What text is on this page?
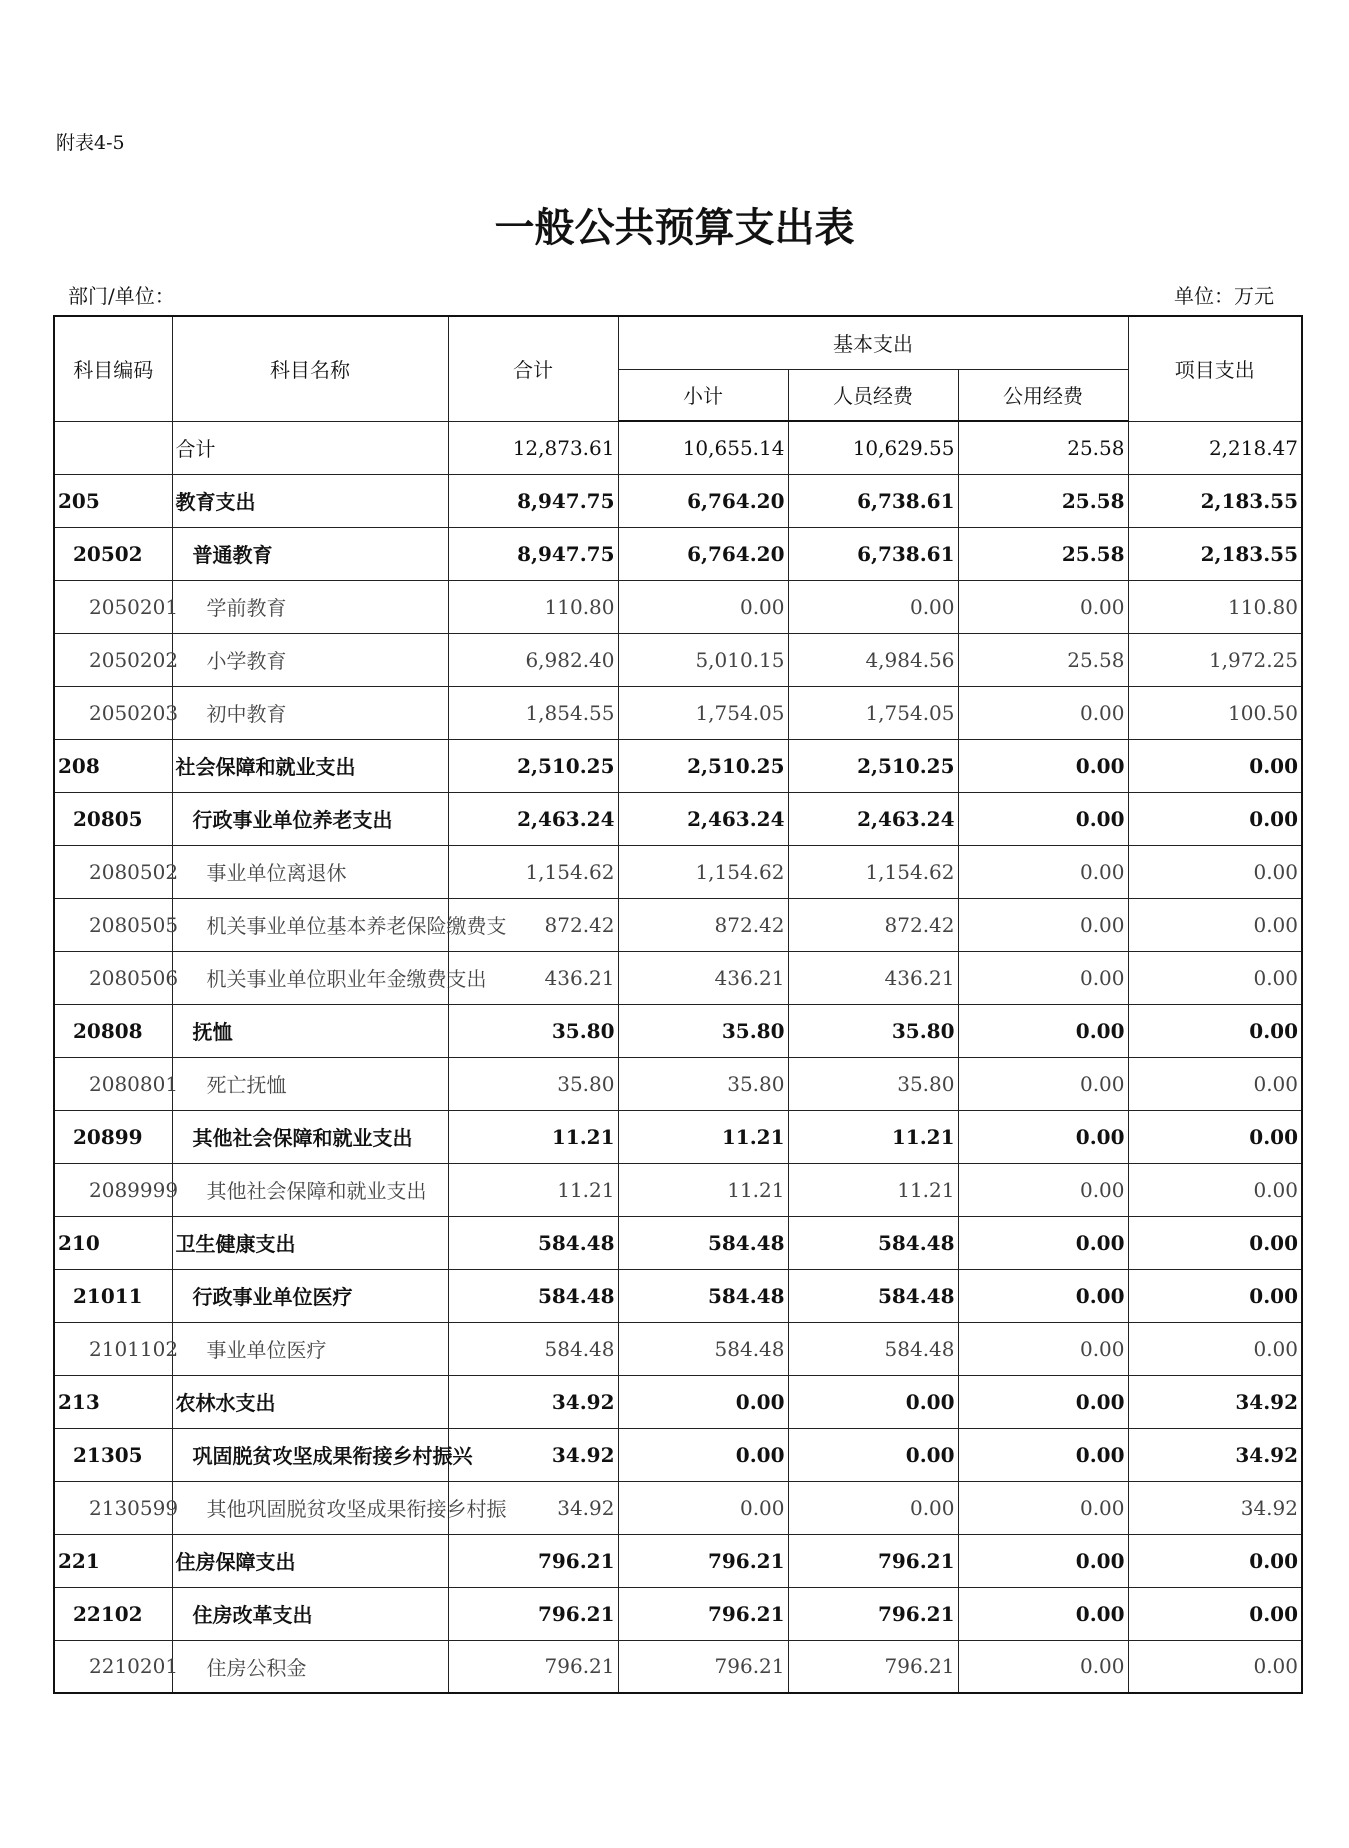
附表4-5
一般公共预算支出表
部门/单位：	单位：万元
科目编码	科目名称	合计	基本支出			项目支出
			小计	人员经费	公用经费	
	合计	12,873.61	10,655.14	10,629.55	25.58	2,218.47
205	教育支出	8,947.75	6,764.20	6,738.61	25.58	2,183.55
20502	普通教育	8,947.75	6,764.20	6,738.61	25.58	2,183.55
2050201	学前教育	110.80	0.00	0.00	0.00	110.80
2050202	小学教育	6,982.40	5,010.15	4,984.56	25.58	1,972.25
2050203	初中教育	1,854.55	1,754.05	1,754.05	0.00	100.50
208	社会保障和就业支出	2,510.25	2,510.25	2,510.25	0.00	0.00
20805	行政事业单位养老支出	2,463.24	2,463.24	2,463.24	0.00	0.00
2080502	事业单位离退休	1,154.62	1,154.62	1,154.62	0.00	0.00
2080505	机关事业单位基本养老保险缴费支	872.42	872.42	872.42	0.00	0.00
2080506	机关事业单位职业年金缴费支出	436.21	436.21	436.21	0.00	0.00
20808	抚恤	35.80	35.80	35.80	0.00	0.00
2080801	死亡抚恤	35.80	35.80	35.80	0.00	0.00
20899	其他社会保障和就业支出	11.21	11.21	11.21	0.00	0.00
2089999	其他社会保障和就业支出	11.21	11.21	11.21	0.00	0.00
210	卫生健康支出	584.48	584.48	584.48	0.00	0.00
21011	行政事业单位医疗	584.48	584.48	584.48	0.00	0.00
2101102	事业单位医疗	584.48	584.48	584.48	0.00	0.00
213	农林水支出	34.92	0.00	0.00	0.00	34.92
21305	巩固脱贫攻坚成果衔接乡村振兴	34.92	0.00	0.00	0.00	34.92
2130599	其他巩固脱贫攻坚成果衔接乡村振	34.92	0.00	0.00	0.00	34.92
221	住房保障支出	796.21	796.21	796.21	0.00	0.00
22102	住房改革支出	796.21	796.21	796.21	0.00	0.00
2210201	住房公积金	796.21	796.21	796.21	0.00	0.00
